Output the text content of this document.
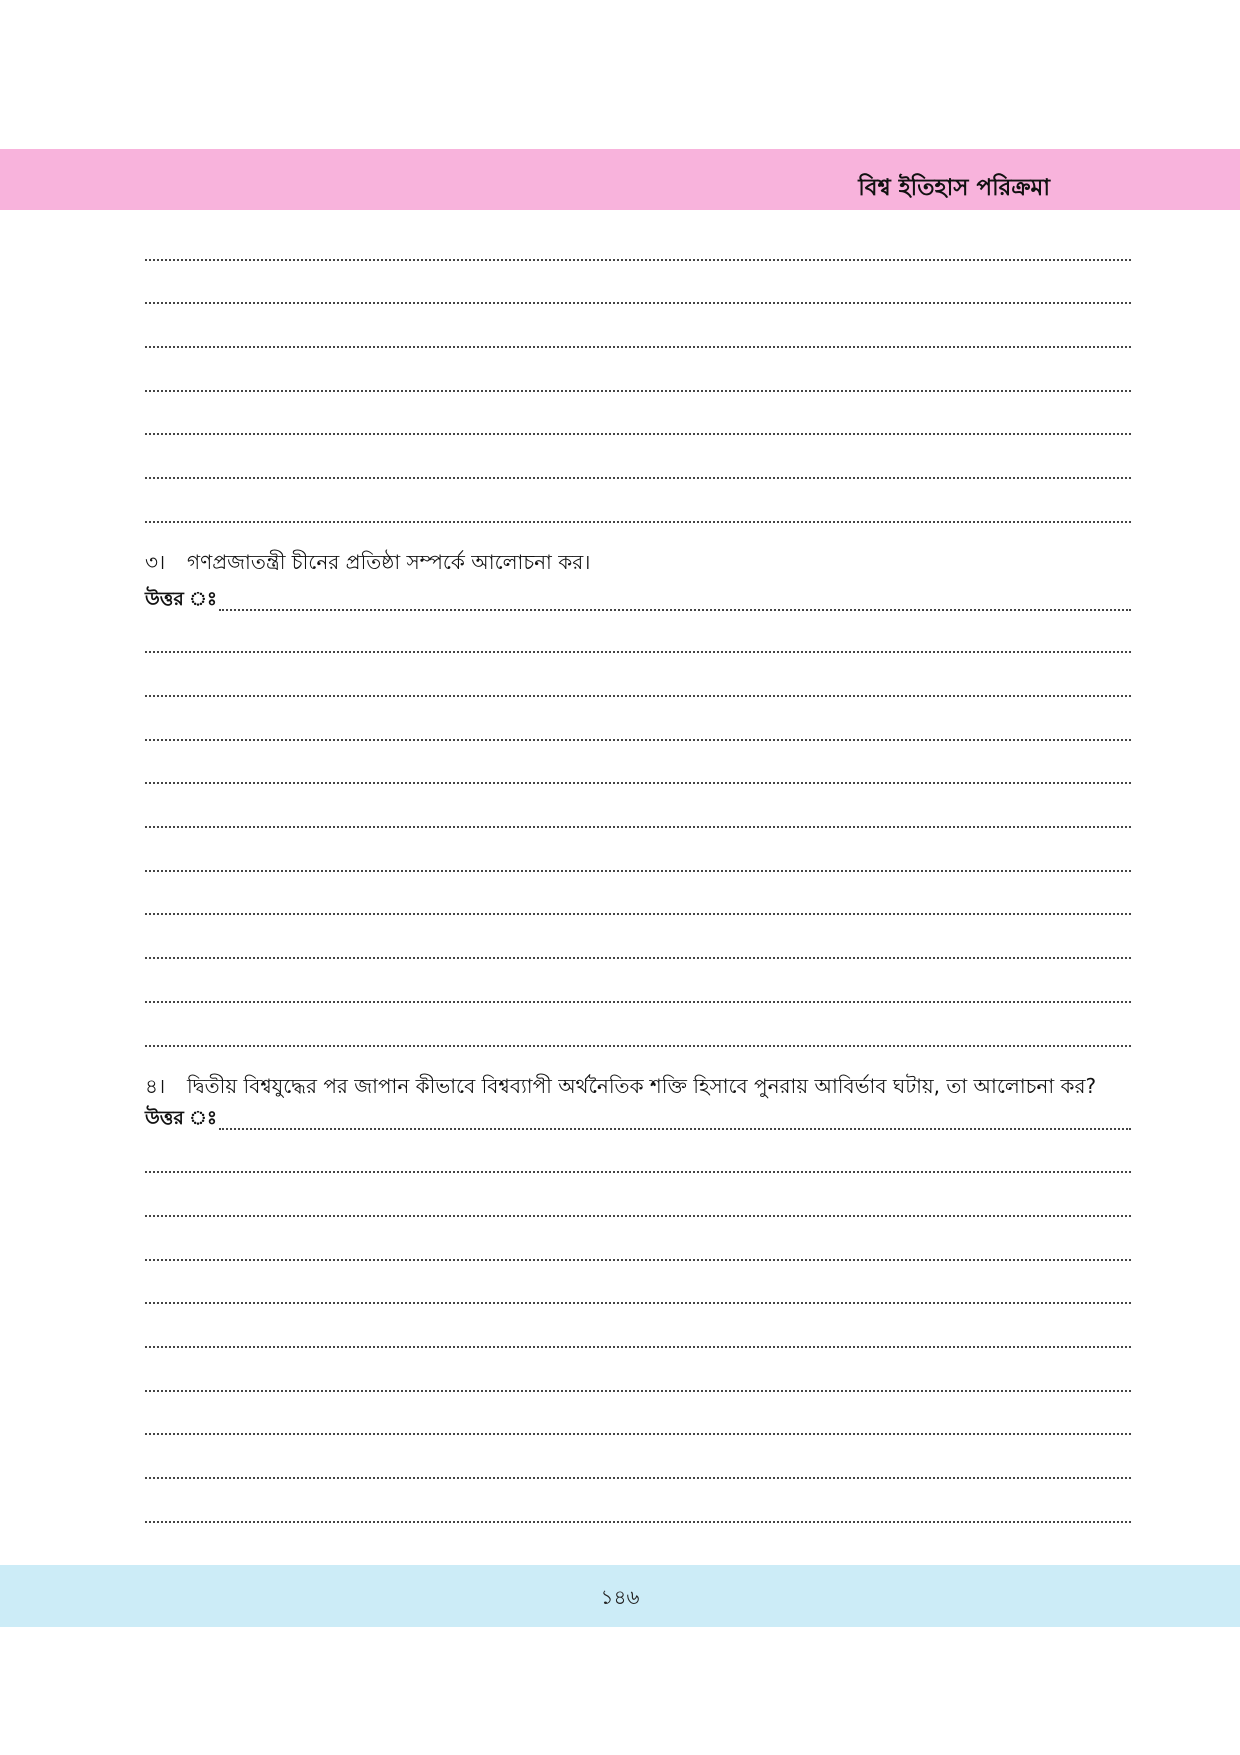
বিশ্ব ইতিহাস পরিক্রমা
৩। গণপ্রজাতন্ত্রী চীনের প্রতিষ্ঠা সম্পর্কে আলোচনা কর।
উত্তর ঃ
৪। দ্বিতীয় বিশ্বযুদ্ধের পর জাপান কীভাবে বিশ্বব্যাপী অর্থনৈতিক শক্তি হিসাবে পুনরায় আবির্ভাব ঘটায়, তা আলোচনা কর?
উত্তর ঃ
১৪৬
